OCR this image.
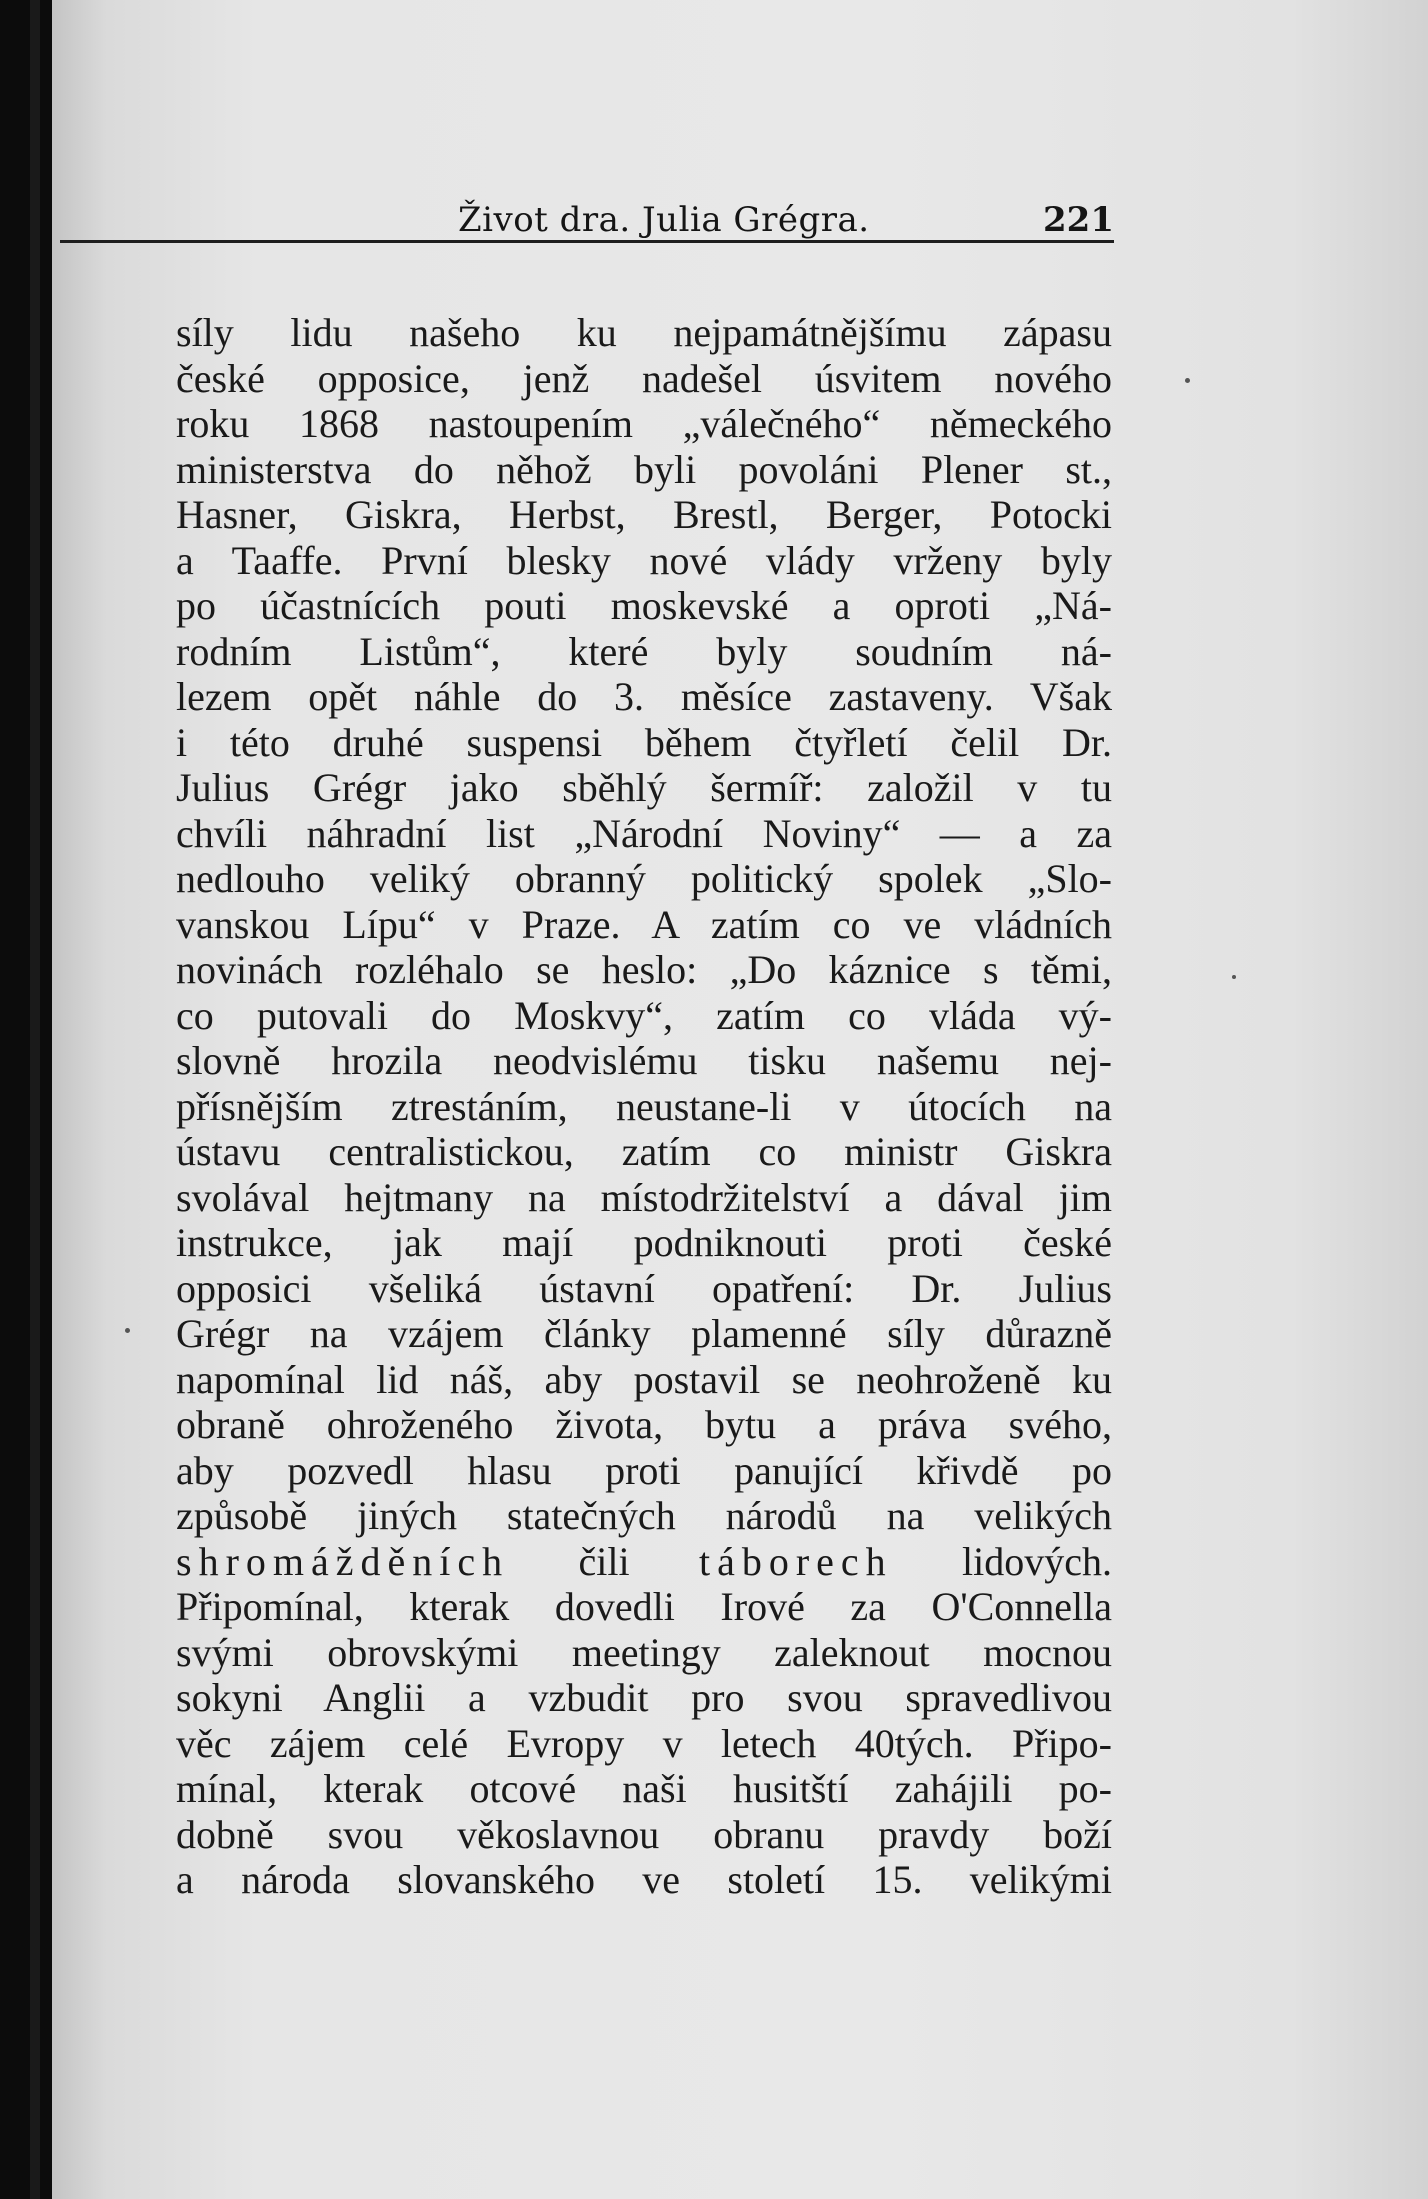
Život dra. Julia Grégra.	221
síly lidu našeho ku nejpamátnějšímu zápasu
české opposice, jenž nadešel úsvitem nového
roku 1868 nastoupením „válečného“ německého
ministerstva do něhož byli povoláni Plener st.,
Hasner, Giskra, Herbst, Brestl, Berger, Potocki
a Taaffe. První blesky nové vlády vrženy byly
po účastnících pouti moskevské a oproti „Ná-
rodním Listům“, které byly soudním ná-
lezem opět náhle do 3. měsíce zastaveny. Však
i této druhé suspensi během čtyřletí čelil Dr.
Julius Grégr jako sběhlý šermíř: založil v tu
chvíli náhradní list „Národní Noviny“ — a za
nedlouho veliký obranný politický spolek „Slo-
vanskou Lípu“ v Praze. A zatím co ve vládních
novinách rozléhalo se heslo: „Do káznice s těmi,
co putovali do Moskvy“, zatím co vláda vý-
slovně hrozila neodvislému tisku našemu nej-
přísnějším ztrestáním, neustane-li v útocích na
ústavu centralistickou, zatím co ministr Giskra
svolával hejtmany na místodržitelství a dával jim
instrukce, jak mají podniknouti proti české
opposici všeliká ústavní opatření: Dr. Julius
Grégr na vzájem články plamenné síly důrazně
napomínal lid náš, aby postavil se neohroženě ku
obraně ohroženého života, bytu a práva svého,
aby pozvedl hlasu proti panující křivdě po
způsobě jiných statečných národů na velikých
shromážděních čili táborech lidových.
Připomínal, kterak dovedli Irové za O'Connella
svými obrovskými meetingy zaleknout mocnou
sokyni Anglii a vzbudit pro svou spravedlivou
věc zájem celé Evropy v letech 40tých. Připo-
mínal, kterak otcové naši husitští zahájili po-
dobně svou věkoslavnou obranu pravdy boží
a národa slovanského ve století 15. velikými
